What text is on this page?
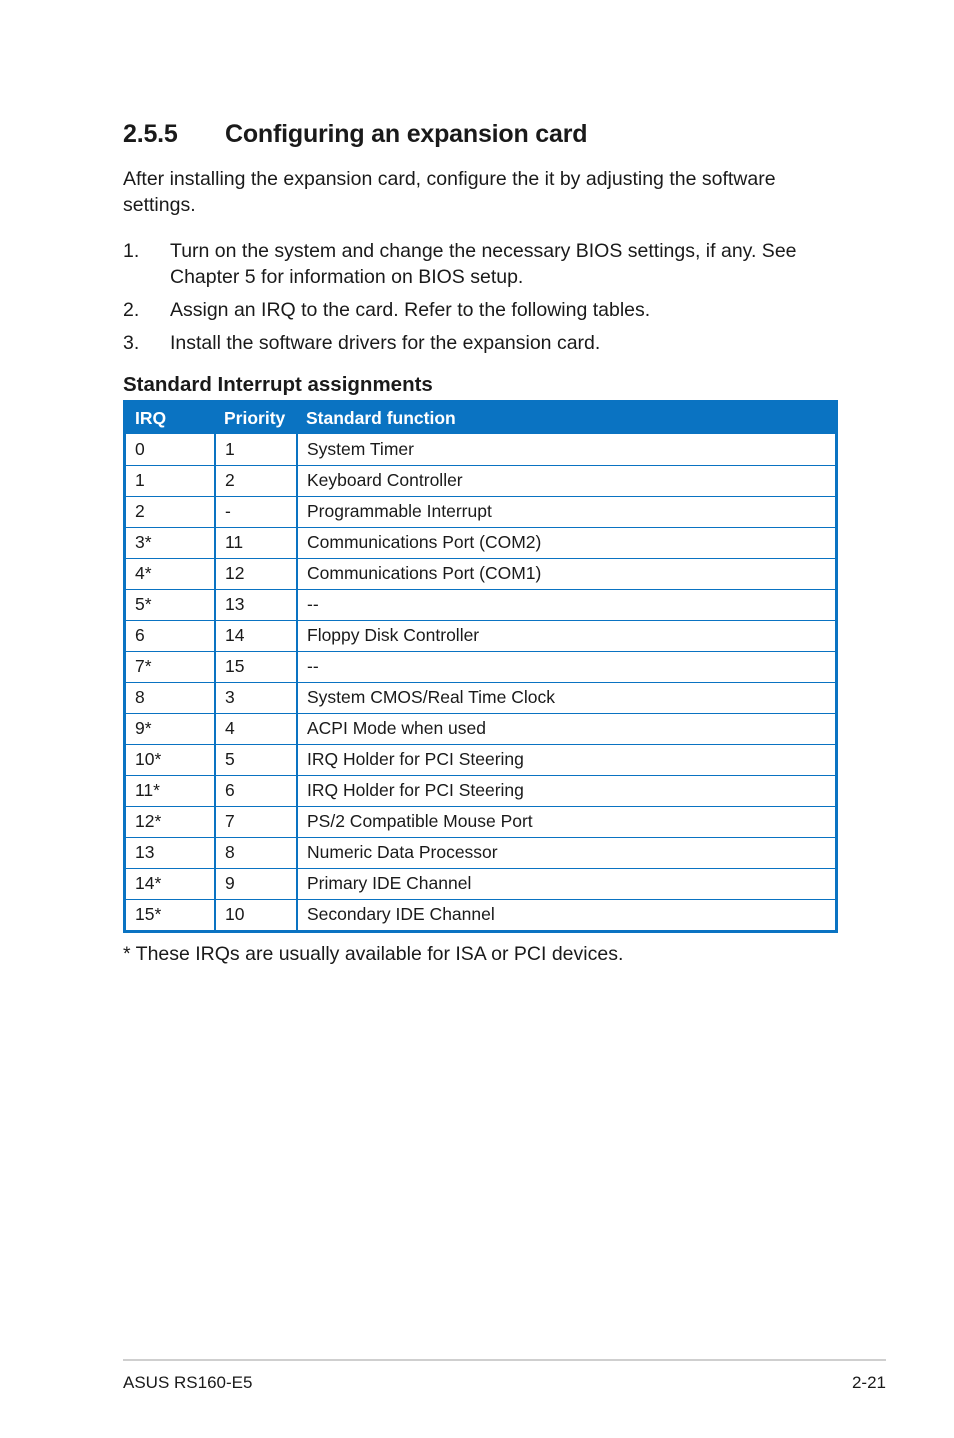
2.5.5 Configuring an expansion card

After installing the expansion card, configure the it by adjusting the software settings.

1.	Turn on the system and change the necessary BIOS settings, if any. See Chapter 5 for information on BIOS setup.
2.	Assign an IRQ to the card. Refer to the following tables.
3.	Install the software drivers for the expansion card.
Standard Interrupt assignments
IRQ	Priority	Standard function
0	1	System Timer
1	2	Keyboard Controller
2	-	Programmable Interrupt
3*	11	Communications Port (COM2)
4*	12	Communications Port (COM1)
5*	13	--
6	14	Floppy Disk Controller
7*	15	--
8	3	System CMOS/Real Time Clock
9*	4	ACPI Mode when used
10*	5	IRQ Holder for PCI Steering
11*	6	IRQ Holder for PCI Steering
12*	7	PS/2 Compatible Mouse Port
13	8	Numeric Data Processor
14*	9	Primary IDE Channel
15*	10	Secondary IDE Channel

* These IRQs are usually available for ISA or PCI devices.

ASUS RS160-E5	2-21
